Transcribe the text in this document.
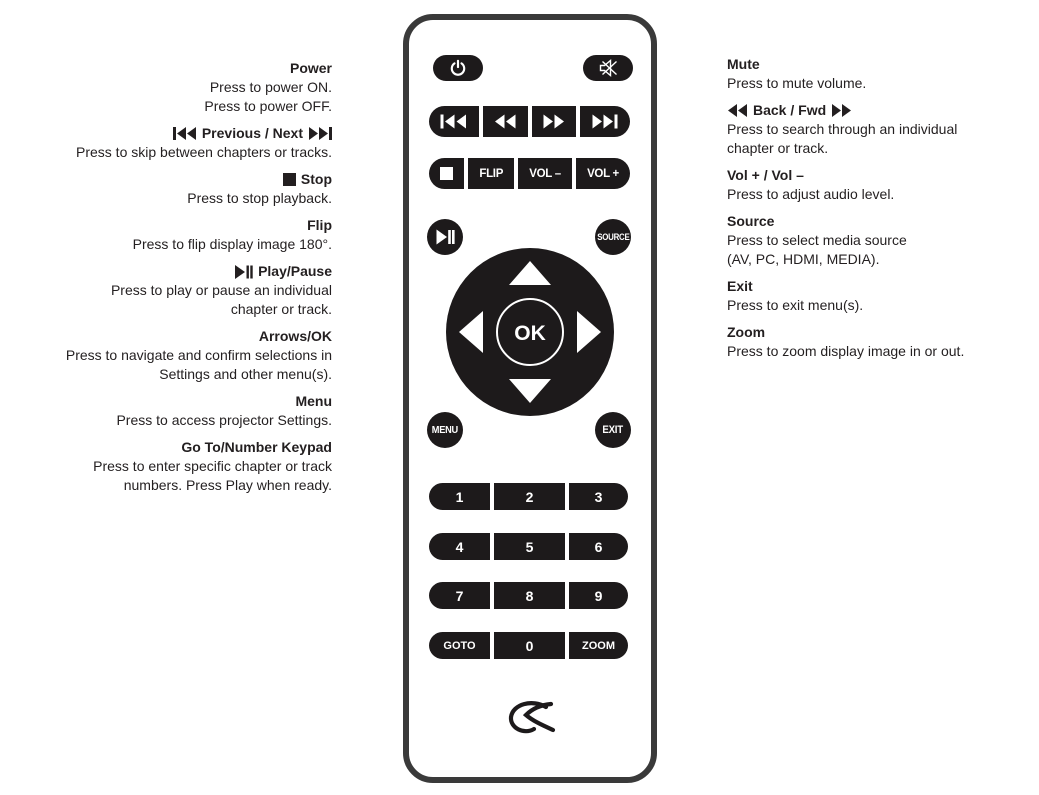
Power
Press to power ON.
Press to power OFF.
Previous / Next
Press to skip between chapters or tracks.
Stop
Press to stop playback.
Flip
Press to flip display image 180°.
Play/Pause
Press to play or pause an individual
chapter or track.
Arrows/OK
Press to navigate and confirm selections in
Settings and other menu(s).
Menu
Press to access projector Settings.
Go To/Number Keypad
Press to enter specific chapter or track
numbers. Press Play when ready.
FLIP VOL – VOL +
SOURCE
OK
MENU	EXIT
1	2	3
4	5	6
7	8	9
GOTO	0	ZOOM
Mute
Press to mute volume.
Back / Fwd
Press to search through an individual
chapter or track.
Vol + / Vol –
Press to adjust audio level.
Source
Press to select media source
(AV, PC, HDMI, MEDIA).
Exit
Press to exit menu(s).
Zoom
Press to zoom display image in or out.
